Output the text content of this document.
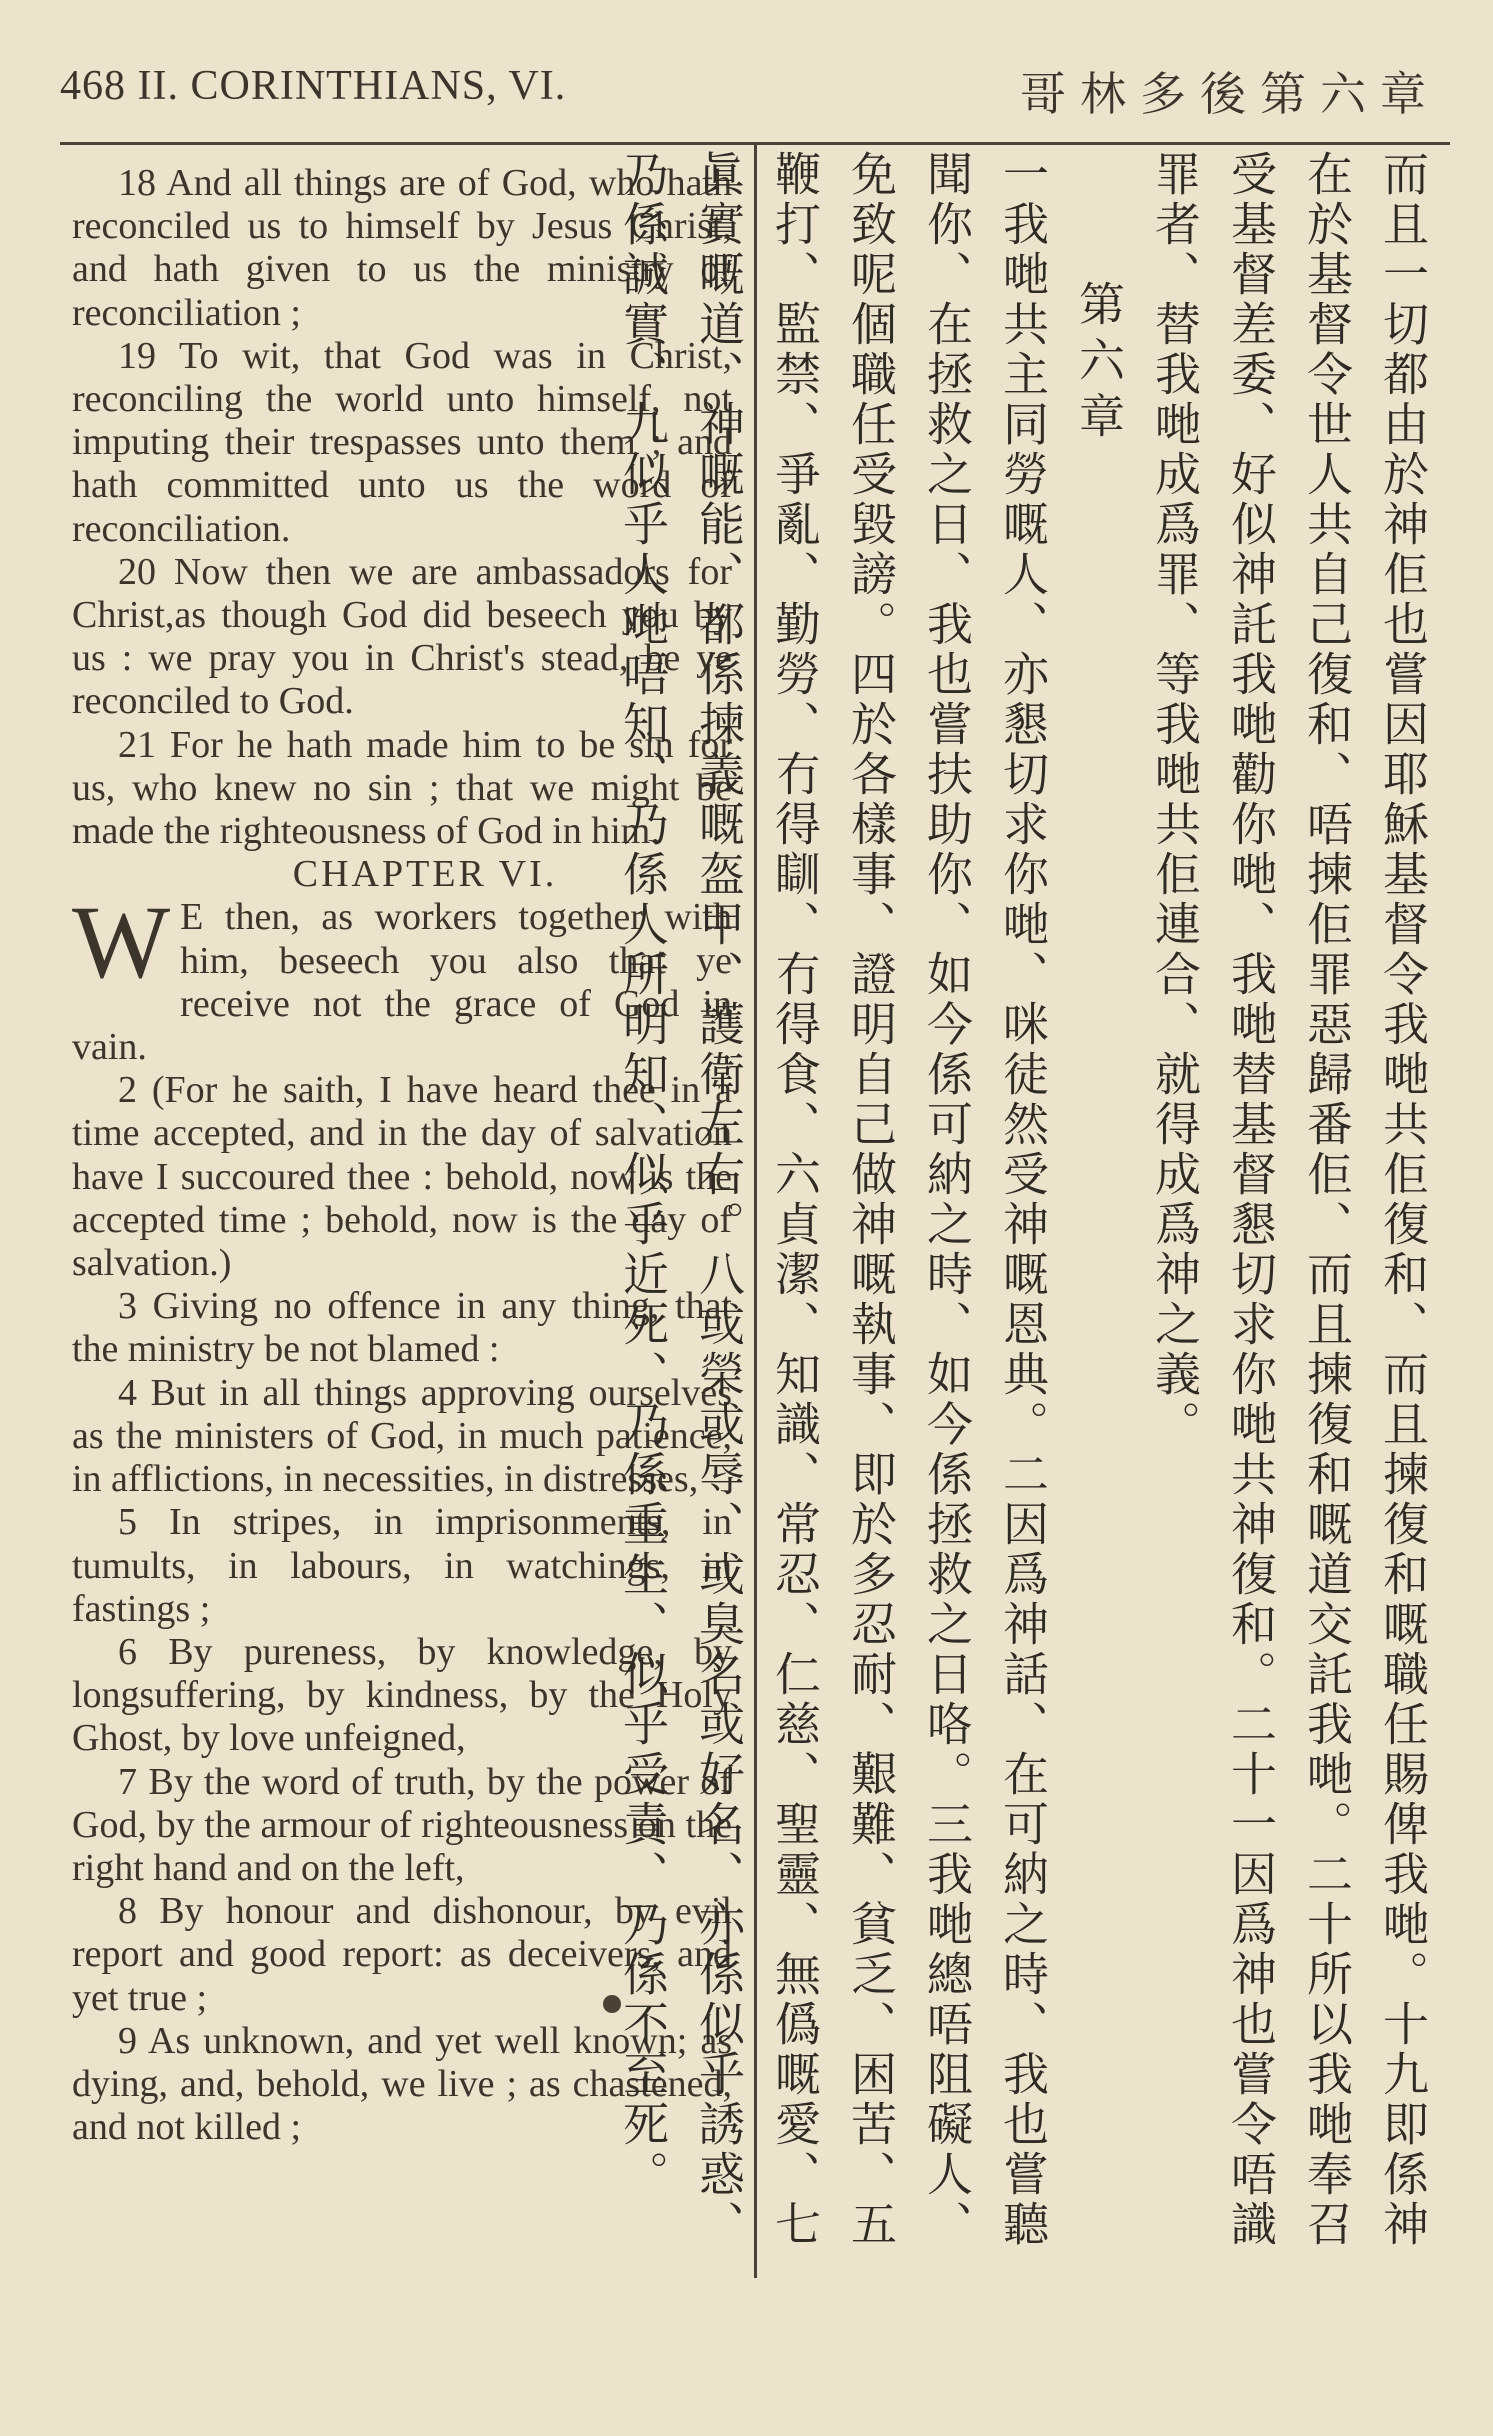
468 II. CORINTHIANS, VI.	哥林多後第六章

18 And all things are of God, who hath reconciled us to himself by Jesus Christ, and hath given to us the ministry of reconciliation ;

19 To wit, that God was in Christ, reconciling the world unto himself, not imputing their trespasses unto them ; and hath committed unto us the word of reconciliation.

20 Now then we are ambassadors for Christ,as though God did beseech you by us : we pray you in Christ's stead, be ye reconciled to God.

21 For he hath made him to be sin for us, who knew no sin ; that we might be made the righteousness of God in him.

CHAPTER VI.

W E then, as workers together with him, beseech you also that ye receive not the grace of God in vain.

2 (For he saith, I have heard thee in a time accepted, and in the day of salvation have I succoured thee : behold, now is the accepted time ; behold, now is the day of salvation.)

3 Giving no offence in any thing, that the ministry be not blamed :

4 But in all things approving ourselves as the ministers of God, in much patience, in afflictions, in necessities, in distresses,

5 In stripes, in imprisonments, in tumults, in labours, in watchings, in fastings ;

6 By pureness, by knowledge, by longsuffering, by kindness, by the Holy Ghost, by love unfeigned,

7 By the word of truth, by the power of God, by the armour of righteousness on the right hand and on the left,

8 By honour and dishonour, by evil report and good report: as deceivers, and yet true ;

9 As unknown, and yet well known; as dying, and, behold, we live ; as chastened, and not killed ;	而且一切都由於神佢也嘗因耶穌基督令我哋共佢復和、而且揀復和嘅職任賜俾我哋。十九即係神在於基督令世人共自己復和、唔揀佢罪惡歸番佢、而且揀復和嘅道交託我哋。二十所以我哋奉召受基督差委、好似神託我哋勸你哋、我哋替基督懇切求你哋共神復和。二十一因爲神也嘗令唔識罪者、替我哋成爲罪、等我哋共佢連合、就得成爲神之義。

第六章

一我哋共主同勞嘅人、亦懇切求你哋、咪徒然受神嘅恩典。二因爲神話、在可納之時、我也嘗聽聞你、在拯救之日、我也嘗扶助你、如今係可納之時、如今係拯救之日咯。三我哋總唔阻礙人、免致呢個職任受毀謗。四於各樣事、證明自己做神嘅執事、即於多忍耐、艱難、貧乏、困苦、五鞭打、監禁、爭亂、勤勞、冇得瞓、冇得食、六貞潔、知識、常忍、仁慈、聖靈、無僞嘅愛、七眞實嘅道、神嘅能、都係揀義嘅盔甲、護衛左右。八或榮或辱、或臭名或好名、亦係似乎誘惑、乃係誠實、九似乎人哋唔知、乃係人所明知、似乎近死、乃係重生、似乎受責、乃係不至死。
